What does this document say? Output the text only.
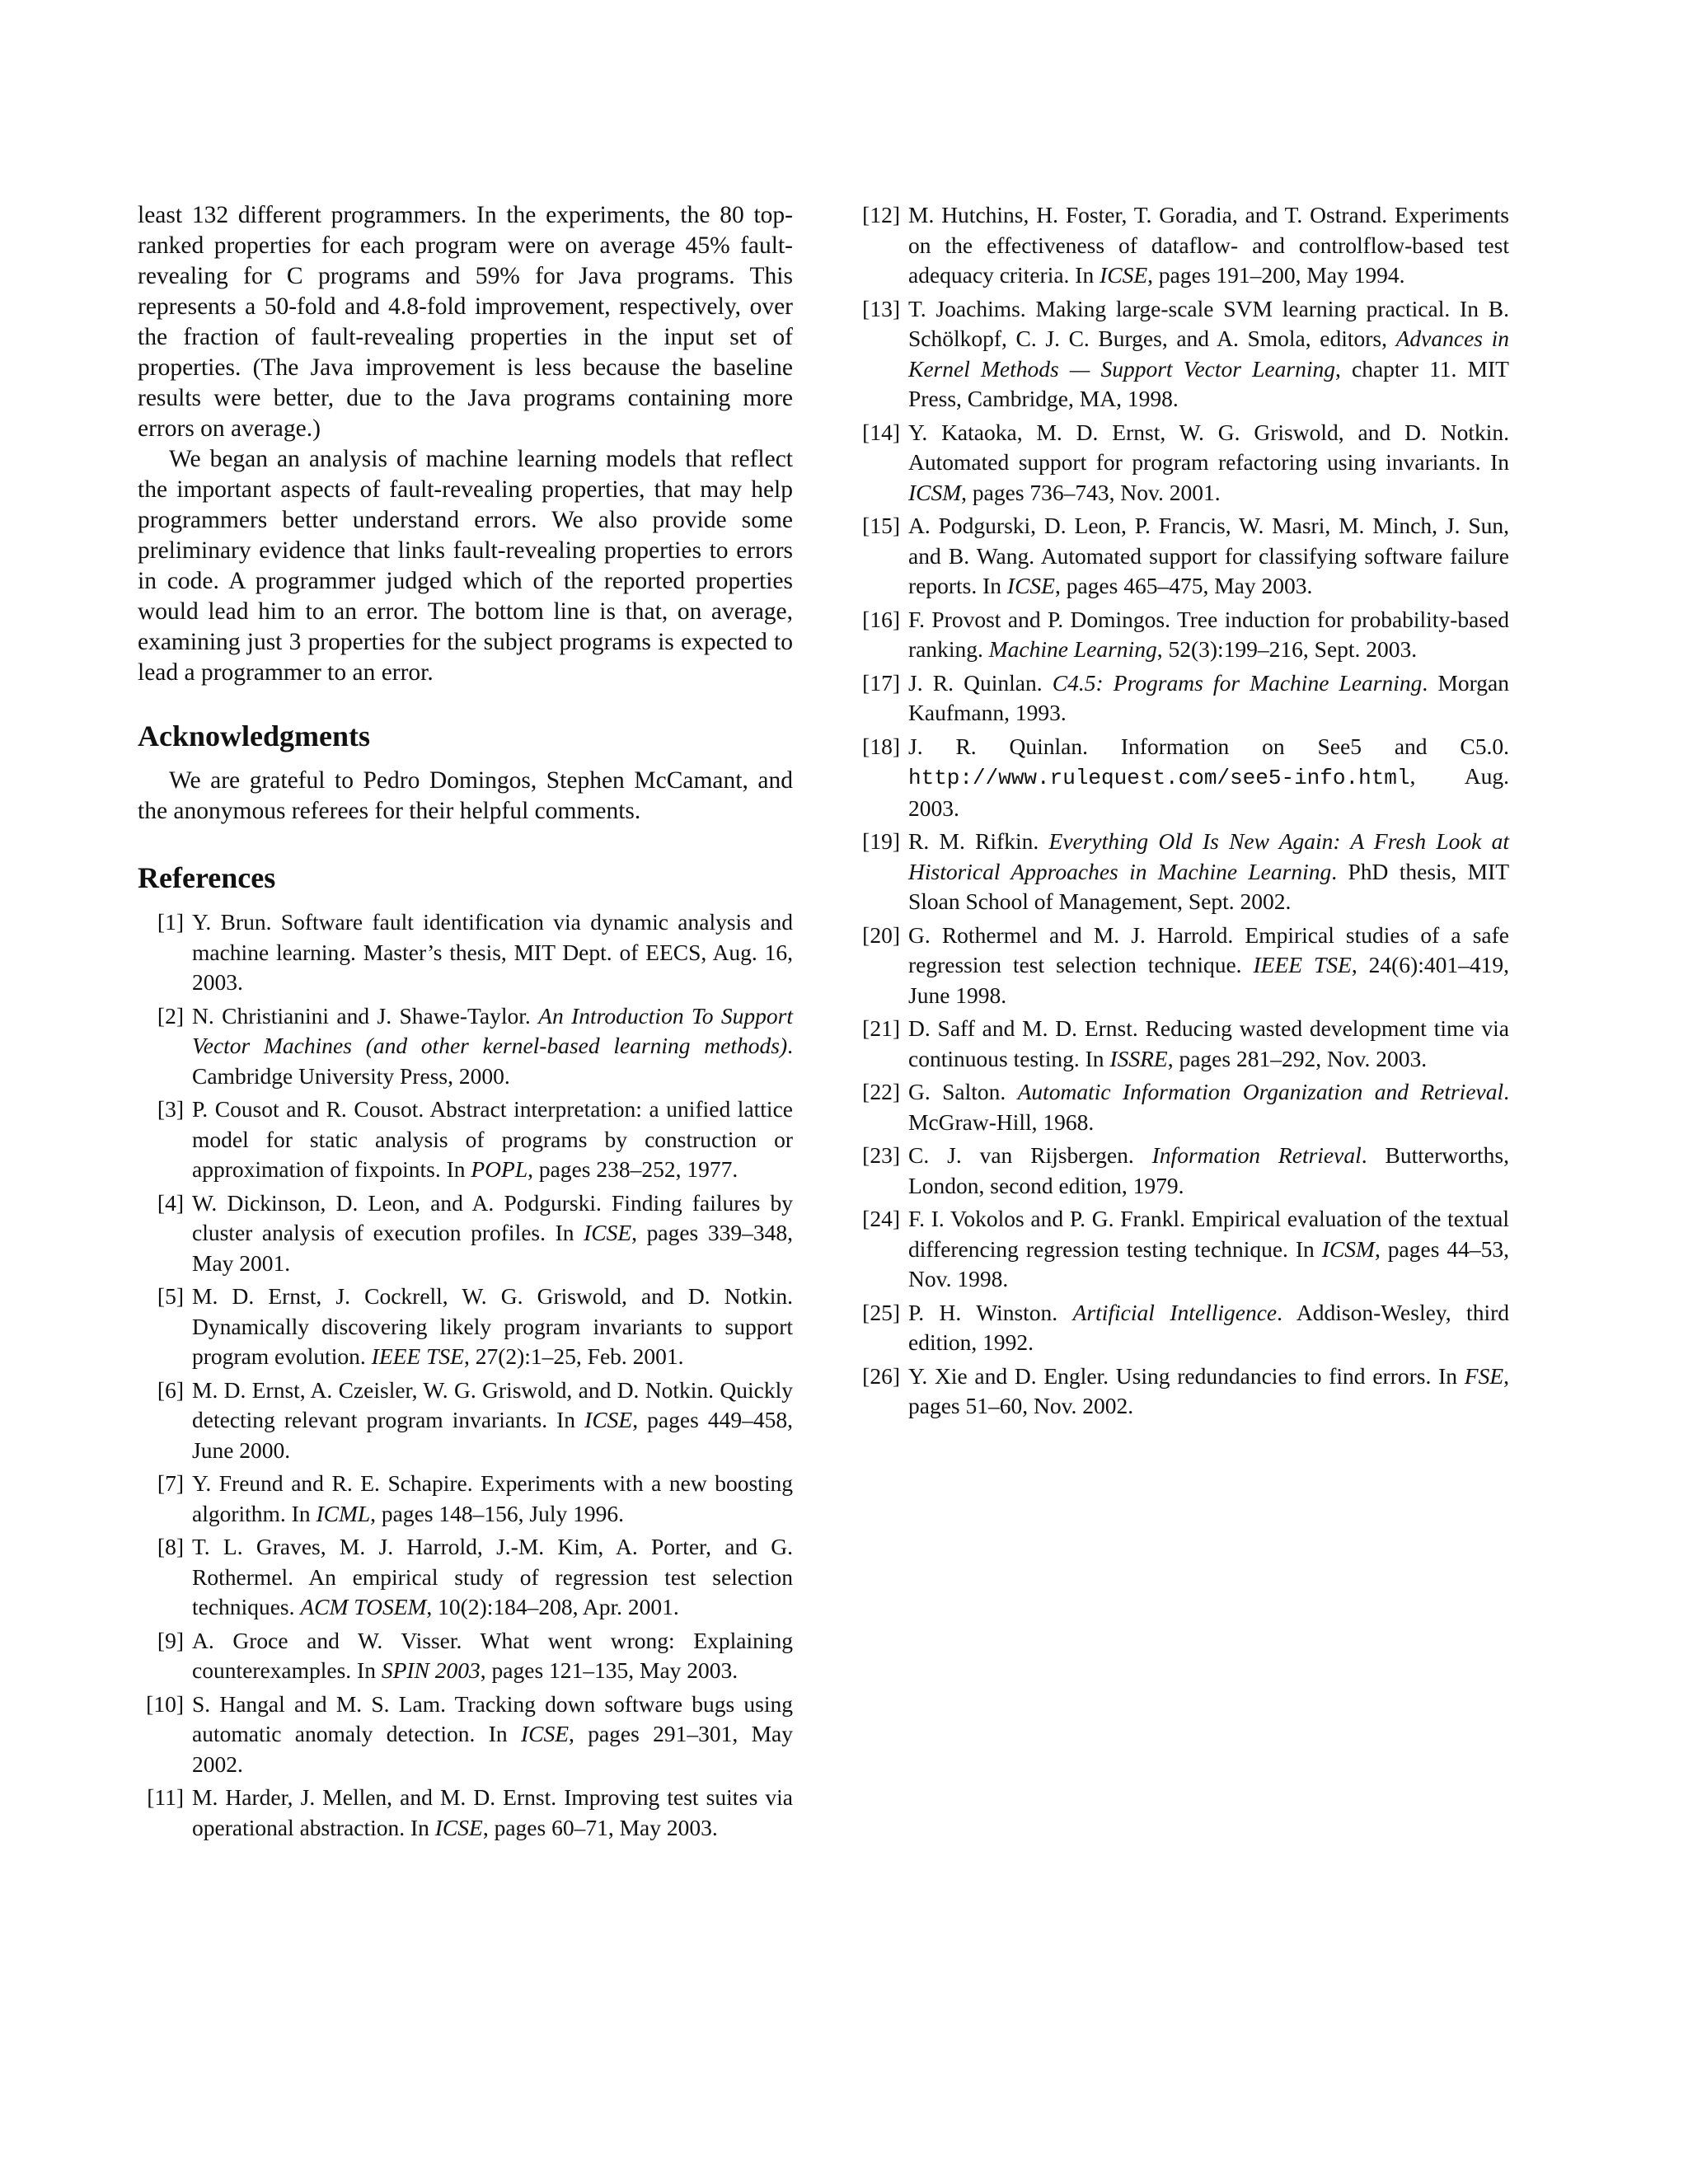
least 132 different programmers. In the experiments, the 80 top-ranked properties for each program were on average 45% fault-revealing for C programs and 59% for Java programs. This represents a 50-fold and 4.8-fold improvement, respectively, over the fraction of fault-revealing properties in the input set of properties. (The Java improvement is less because the baseline results were better, due to the Java programs containing more errors on average.)

We began an analysis of machine learning models that reflect the important aspects of fault-revealing properties, that may help programmers better understand errors. We also provide some preliminary evidence that links fault-revealing properties to errors in code. A programmer judged which of the reported properties would lead him to an error. The bottom line is that, on average, examining just 3 properties for the subject programs is expected to lead a programmer to an error.

Acknowledgments

We are grateful to Pedro Domingos, Stephen McCamant, and the anonymous referees for their helpful comments.

References
[1] Y. Brun. Software fault identification via dynamic analysis and machine learning. Master’s thesis, MIT Dept. of EECS, Aug. 16, 2003.
[2] N. Christianini and J. Shawe-Taylor. An Introduction To Support Vector Machines (and other kernel-based learning methods). Cambridge University Press, 2000.
[3] P. Cousot and R. Cousot. Abstract interpretation: a unified lattice model for static analysis of programs by construction or approximation of fixpoints. In POPL, pages 238–252, 1977.
[4] W. Dickinson, D. Leon, and A. Podgurski. Finding failures by cluster analysis of execution profiles. In ICSE, pages 339–348, May 2001.
[5] M. D. Ernst, J. Cockrell, W. G. Griswold, and D. Notkin. Dynamically discovering likely program invariants to support program evolution. IEEE TSE, 27(2):1–25, Feb. 2001.
[6] M. D. Ernst, A. Czeisler, W. G. Griswold, and D. Notkin. Quickly detecting relevant program invariants. In ICSE, pages 449–458, June 2000.
[7] Y. Freund and R. E. Schapire. Experiments with a new boosting algorithm. In ICML, pages 148–156, July 1996.
[8] T. L. Graves, M. J. Harrold, J.-M. Kim, A. Porter, and G. Rothermel. An empirical study of regression test selection techniques. ACM TOSEM, 10(2):184–208, Apr. 2001.
[9] A. Groce and W. Visser. What went wrong: Explaining counterexamples. In SPIN 2003, pages 121–135, May 2003.
[10] S. Hangal and M. S. Lam. Tracking down software bugs using automatic anomaly detection. In ICSE, pages 291–301, May 2002.
[11] M. Harder, J. Mellen, and M. D. Ernst. Improving test suites via operational abstraction. In ICSE, pages 60–71, May 2003.
[12] M. Hutchins, H. Foster, T. Goradia, and T. Ostrand. Experiments on the effectiveness of dataflow- and controlflow-based test adequacy criteria. In ICSE, pages 191–200, May 1994.
[13] T. Joachims. Making large-scale SVM learning practical. In B. Schölkopf, C. J. C. Burges, and A. Smola, editors, Advances in Kernel Methods — Support Vector Learning, chapter 11. MIT Press, Cambridge, MA, 1998.
[14] Y. Kataoka, M. D. Ernst, W. G. Griswold, and D. Notkin. Automated support for program refactoring using invariants. In ICSM, pages 736–743, Nov. 2001.
[15] A. Podgurski, D. Leon, P. Francis, W. Masri, M. Minch, J. Sun, and B. Wang. Automated support for classifying software failure reports. In ICSE, pages 465–475, May 2003.
[16] F. Provost and P. Domingos. Tree induction for probability-based ranking. Machine Learning, 52(3):199–216, Sept. 2003.
[17] J. R. Quinlan. C4.5: Programs for Machine Learning. Morgan Kaufmann, 1993.
[18] J. R. Quinlan. Information on See5 and C5.0. http://www.rulequest.com/see5-info.html, Aug. 2003.
[19] R. M. Rifkin. Everything Old Is New Again: A Fresh Look at Historical Approaches in Machine Learning. PhD thesis, MIT Sloan School of Management, Sept. 2002.
[20] G. Rothermel and M. J. Harrold. Empirical studies of a safe regression test selection technique. IEEE TSE, 24(6):401–419, June 1998.
[21] D. Saff and M. D. Ernst. Reducing wasted development time via continuous testing. In ISSRE, pages 281–292, Nov. 2003.
[22] G. Salton. Automatic Information Organization and Retrieval. McGraw-Hill, 1968.
[23] C. J. van Rijsbergen. Information Retrieval. Butterworths, London, second edition, 1979.
[24] F. I. Vokolos and P. G. Frankl. Empirical evaluation of the textual differencing regression testing technique. In ICSM, pages 44–53, Nov. 1998.
[25] P. H. Winston. Artificial Intelligence. Addison-Wesley, third edition, 1992.
[26] Y. Xie and D. Engler. Using redundancies to find errors. In FSE, pages 51–60, Nov. 2002.
